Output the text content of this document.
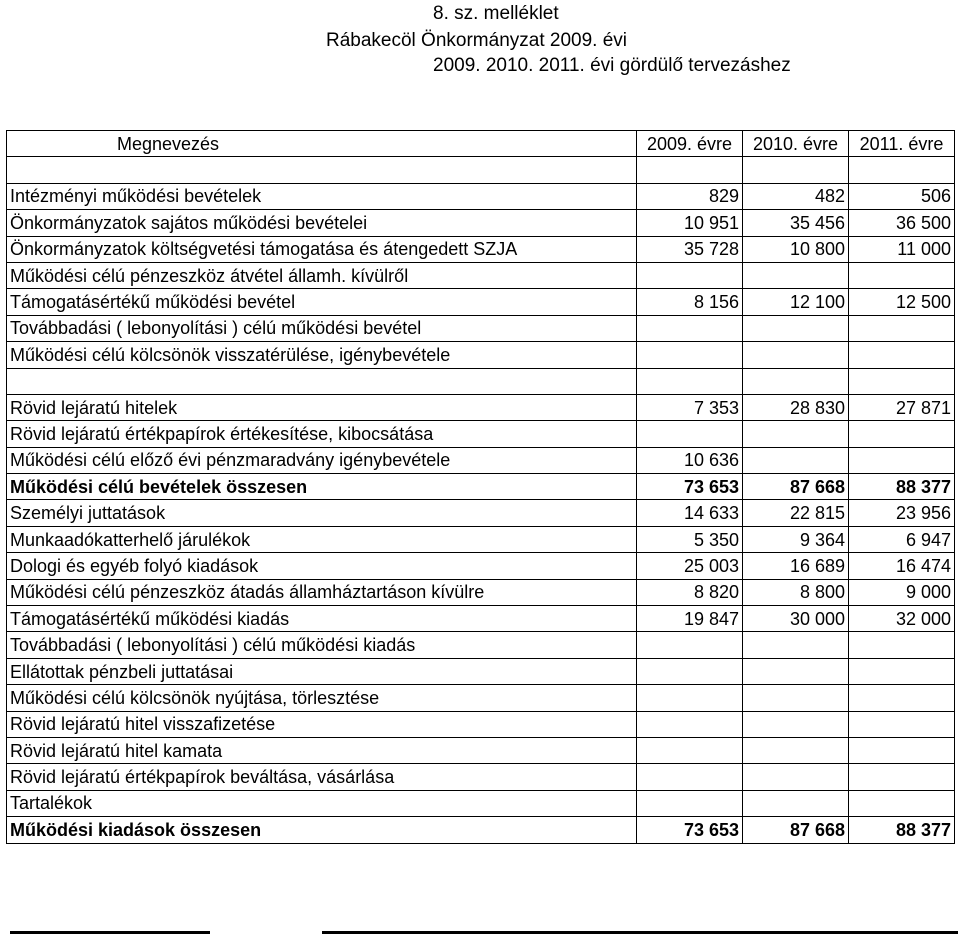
8. sz. melléklet
Rábakecöl Önkormányzat 2009. évi
2009. 2010. 2011. évi gördülő tervezáshez
Megnevezés	2009. évre	2010. évre	2011. évre

Intézményi működési bevételek	829	482	506
Önkormányzatok sajátos működési bevételei	10 951	35 456	36 500
Önkormányzatok költségvetési támogatása és átengedett SZJA	35 728	10 800	11 000
Működési célú pénzeszköz átvétel államh. kívülről			
Támogatásértékű működési bevétel	8 156	12 100	12 500
Továbbadási ( lebonyolítási ) célú működési bevétel			
Működési célú kölcsönök visszatérülése, igénybevétele			

Rövid lejáratú hitelek	7 353	28 830	27 871
Rövid lejáratú értékpapírok értékesítése, kibocsátása			
Működési célú előző évi pénzmaradvány igénybevétele	10 636		
Működési célú bevételek összesen	73 653	87 668	88 377
Személyi juttatások	14 633	22 815	23 956
Munkaadókatterhelő járulékok	5 350	9 364	6 947
Dologi és egyéb folyó kiadások	25 003	16 689	16 474
Működési célú pénzeszköz átadás államháztartáson kívülre	8 820	8 800	9 000
Támogatásértékű működési kiadás	19 847	30 000	32 000
Továbbadási ( lebonyolítási ) célú működési kiadás			
Ellátottak pénzbeli juttatásai			
Működési célú kölcsönök nyújtása, törlesztése			
Rövid lejáratú hitel visszafizetése			
Rövid lejáratú hitel kamata			
Rövid lejáratú értékpapírok beváltása, vásárlása			
Tartalékok			
Működési kiadások összesen	73 653	87 668	88 377
